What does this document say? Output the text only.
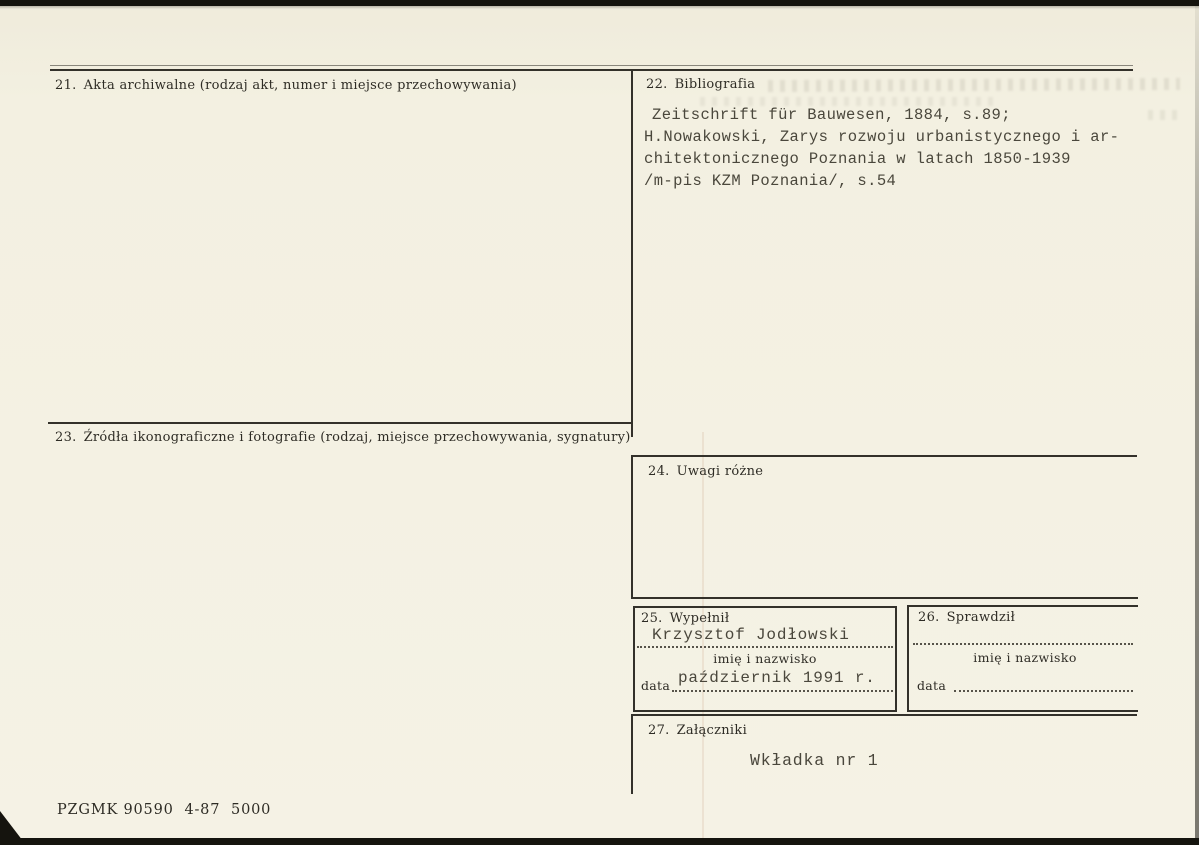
21. Akta archiwalne (rodzaj akt, numer i miejsce przechowywania)	22. Bibliografia
Zeitschrift für Bauwesen, 1884, s.89;
H.Nowakowski, Zarys rozwoju urbanistycznego i ar-
chitektonicznego Poznania w latach 1850-1939
/m-pis KZM Poznania/, s.54
23. Źródła ikonograficzne i fotografie (rodzaj, miejsce przechowywania, sygnatury)
24. Uwagi różne
25. Wypełnił
Krzysztof Jodłowski
imię i nazwisko
data październik 1991 r.
26. Sprawdził
imię i nazwisko
data
27. Załączniki
Wkładka nr 1
PZGMK 90590  4-87  5000
